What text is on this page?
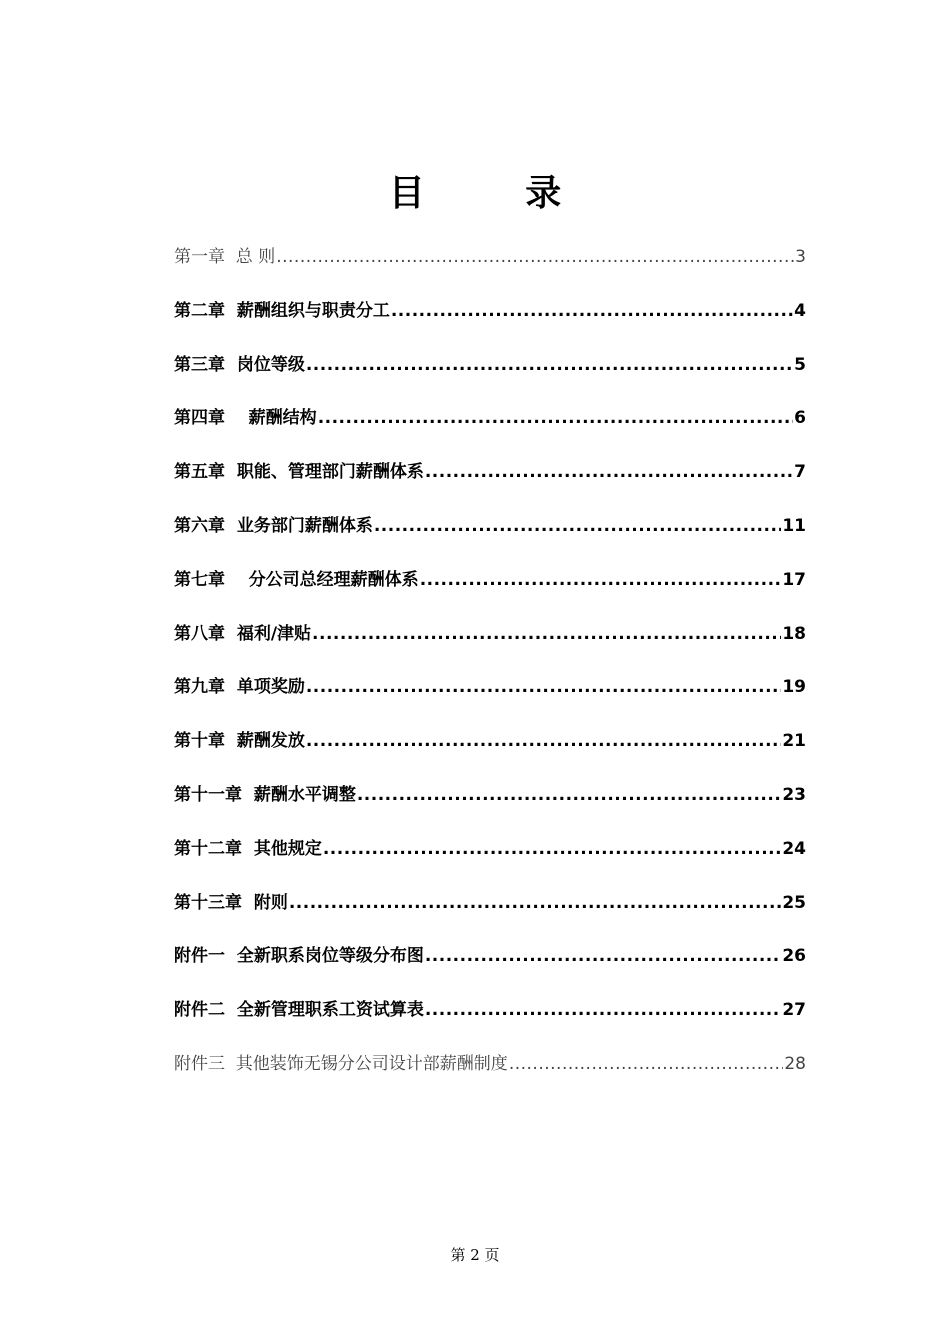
目 录
第一章  总 则 .....	3
第二章  薪酬组织与职责分工 .....	4
第三章  岗位等级 .....	5
第四章    薪酬结构 .....	6
第五章  职能、管理部门薪酬体系 .....	7
第六章  业务部门薪酬体系 .....	11
第七章    分公司总经理薪酬体系 .....	17
第八章  福利/津贴 .....	18
第九章  单项奖励 .....	19
第十章  薪酬发放 .....	21
第十一章  薪酬水平调整 .....	23
第十二章  其他规定 .....	24
第十三章  附则 .....	25
附件一  全新职系岗位等级分布图 .....	26
附件二  全新管理职系工资试算表 .....	27
附件三  其他装饰无锡分公司设计部薪酬制度 .....	28
第 2 页
